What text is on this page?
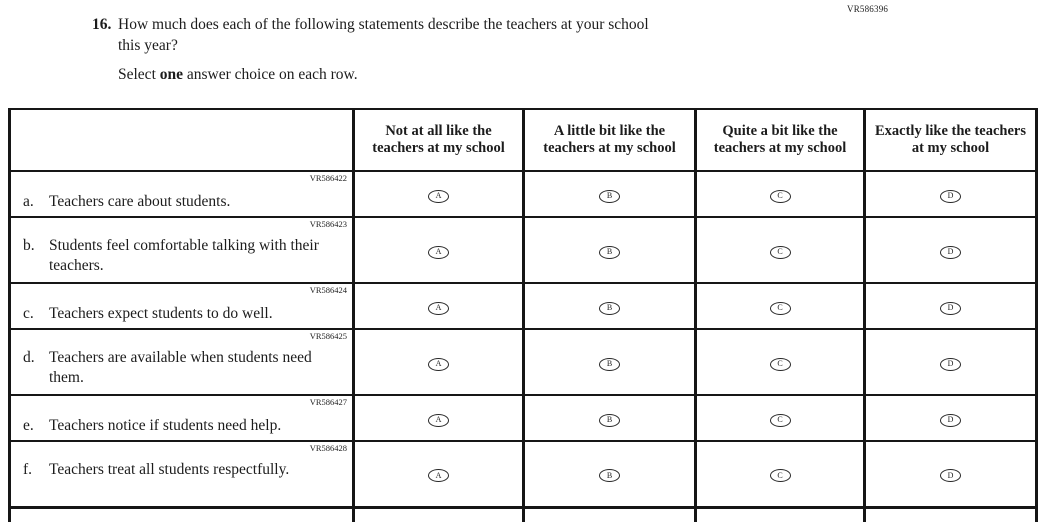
VR586396
16. How much does each of the following statements describe the teachers at your school
this year?
Select one answer choice on each row.
	Not at all like the teachers at my school	A little bit like the teachers at my school	Quite a bit like the teachers at my school	Exactly like the teachers at my school

VR586422
a. Teachers care about students.	A	B	C	D

VR586423
b. Students feel comfortable talking with their teachers.	A	B	C	D

VR586424
c. Teachers expect students to do well.	A	B	C	D

VR586425
d. Teachers are available when students need them.	A	B	C	D

VR586427
e. Teachers notice if students need help.	A	B	C	D

VR586428
f. Teachers treat all students respectfully.	A	B	C	D
